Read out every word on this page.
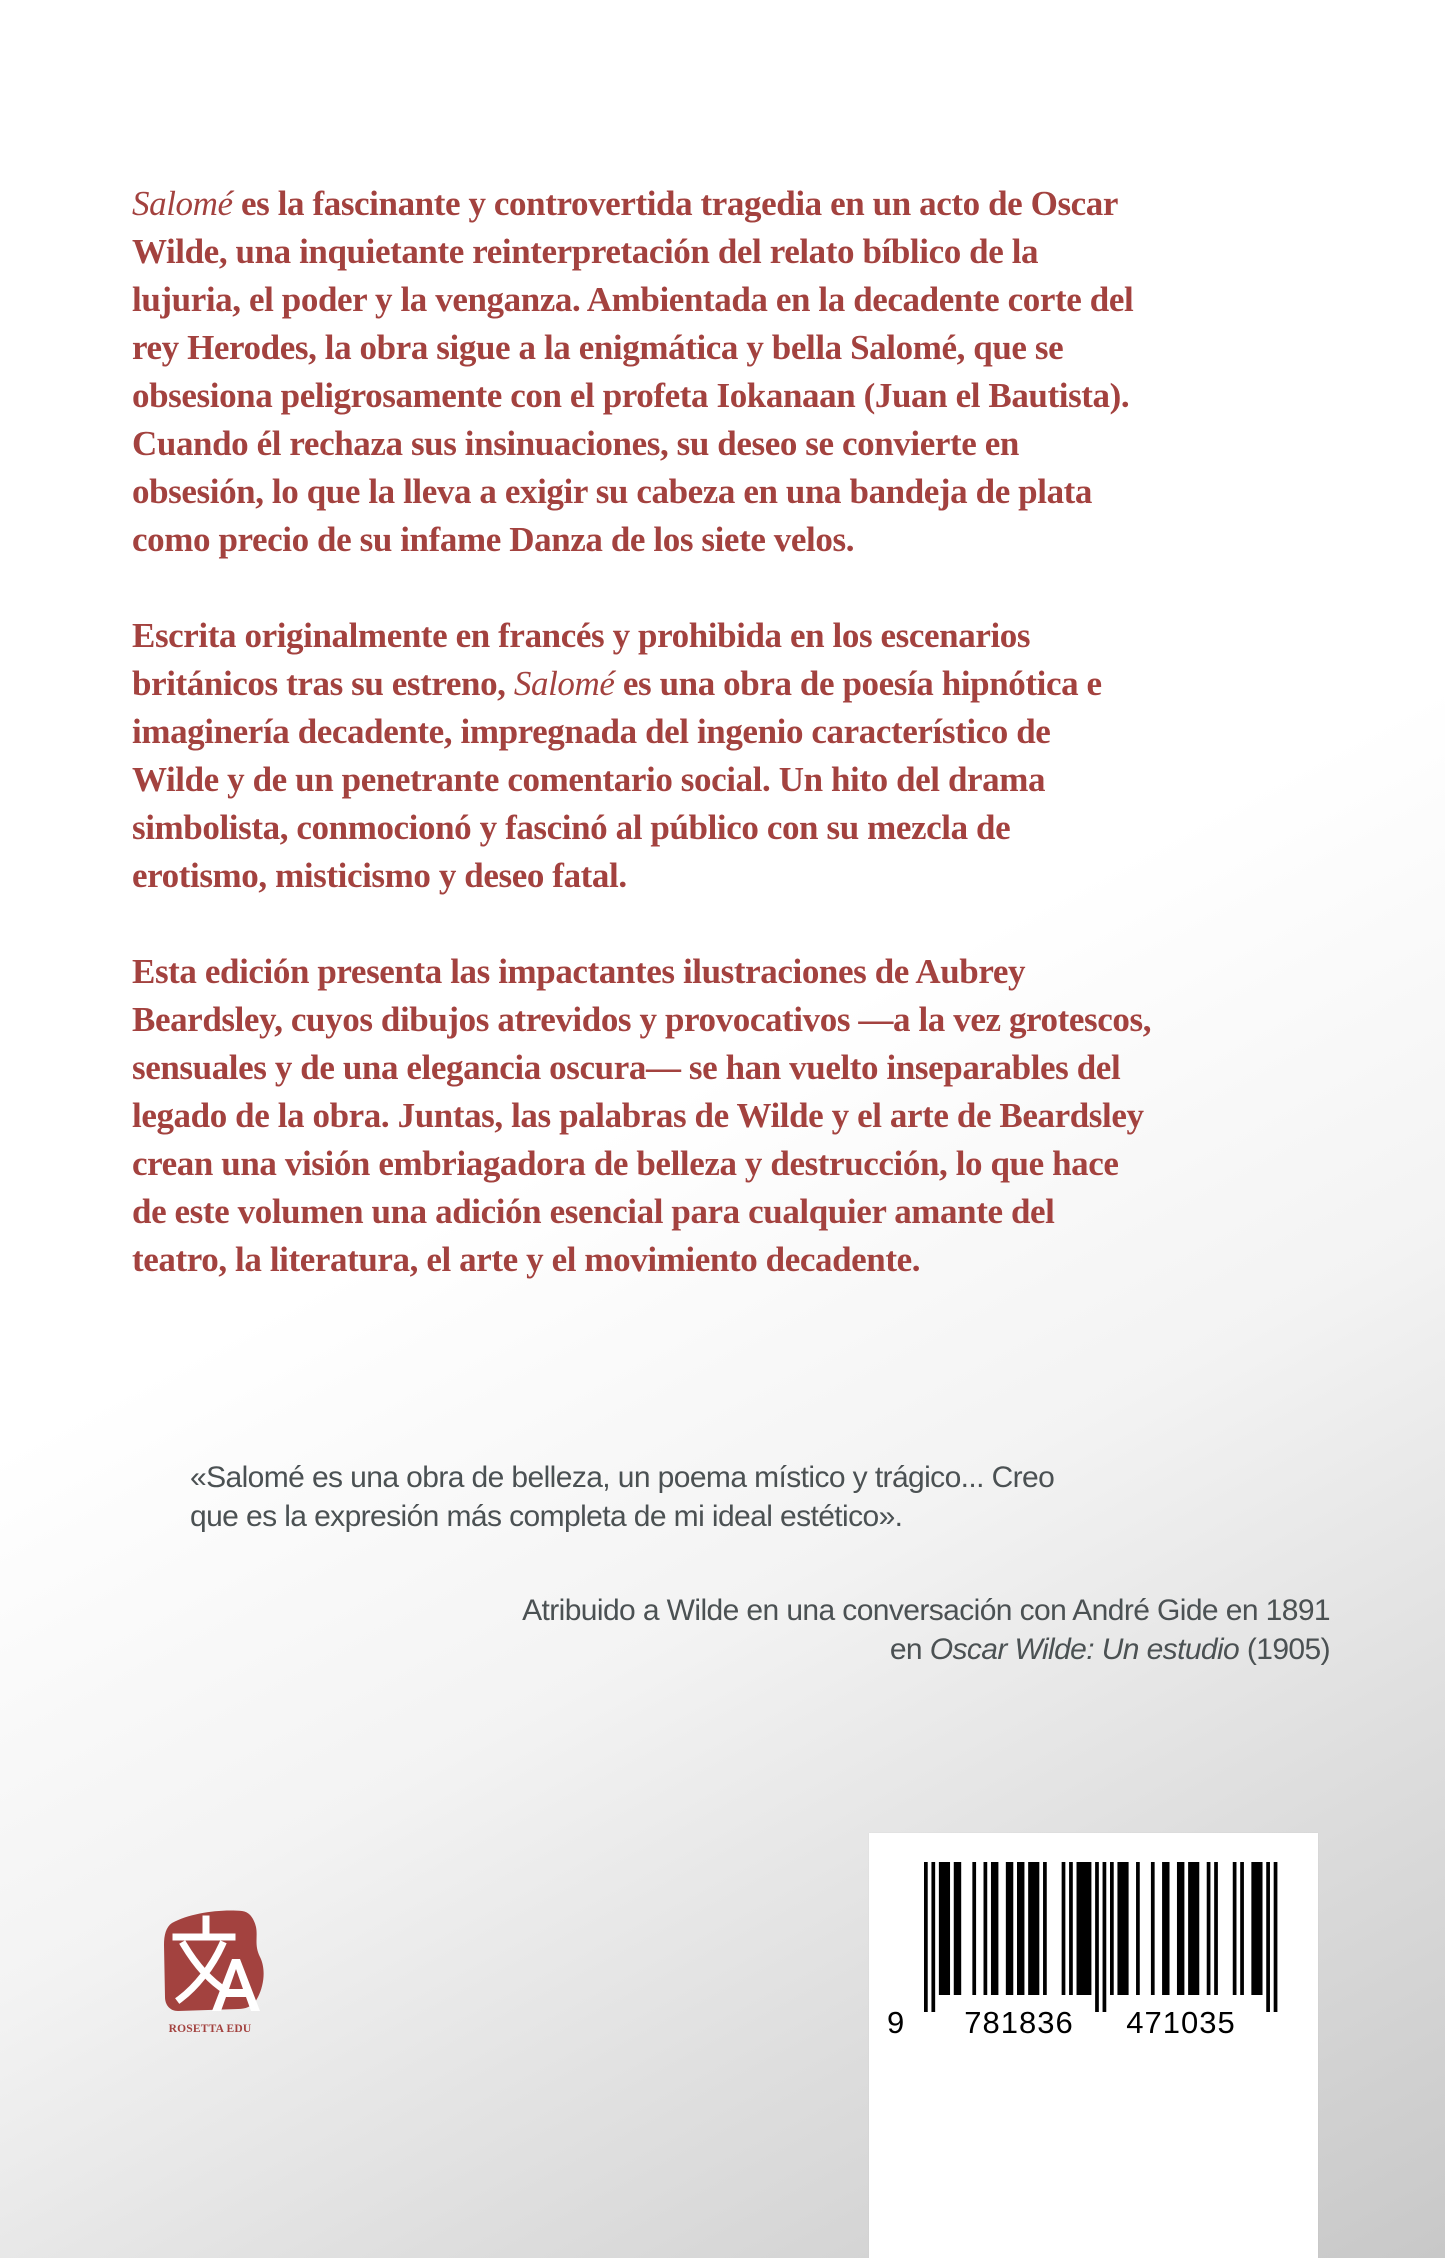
Salomé es la fascinante y controvertida tragedia en un acto de Oscar
Wilde, una inquietante reinterpretación del relato bíblico de la
lujuria, el poder y la venganza. Ambientada en la decadente corte del
rey Herodes, la obra sigue a la enigmática y bella Salomé, que se
obsesiona peligrosamente con el profeta Iokanaan (Juan el Bautista).
Cuando él rechaza sus insinuaciones, su deseo se convierte en
obsesión, lo que la lleva a exigir su cabeza en una bandeja de plata
como precio de su infame Danza de los siete velos.

Escrita originalmente en francés y prohibida en los escenarios
británicos tras su estreno, Salomé es una obra de poesía hipnótica e
imaginería decadente, impregnada del ingenio característico de
Wilde y de un penetrante comentario social. Un hito del drama
simbolista, conmocionó y fascinó al público con su mezcla de
erotismo, misticismo y deseo fatal.

Esta edición presenta las impactantes ilustraciones de Aubrey
Beardsley, cuyos dibujos atrevidos y provocativos —a la vez grotescos,
sensuales y de una elegancia oscura— se han vuelto inseparables del
legado de la obra. Juntas, las palabras de Wilde y el arte de Beardsley
crean una visión embriagadora de belleza y destrucción, lo que hace
de este volumen una adición esencial para cualquier amante del
teatro, la literatura, el arte y el movimiento decadente.

«Salomé es una obra de belleza, un poema místico y trágico... Creo
que es la expresión más completa de mi ideal estético».
Atribuido a Wilde en una conversación con André Gide en 1891
en Oscar Wilde: Un estudio (1905)
ROSETTA EDU	9 781836 471035
